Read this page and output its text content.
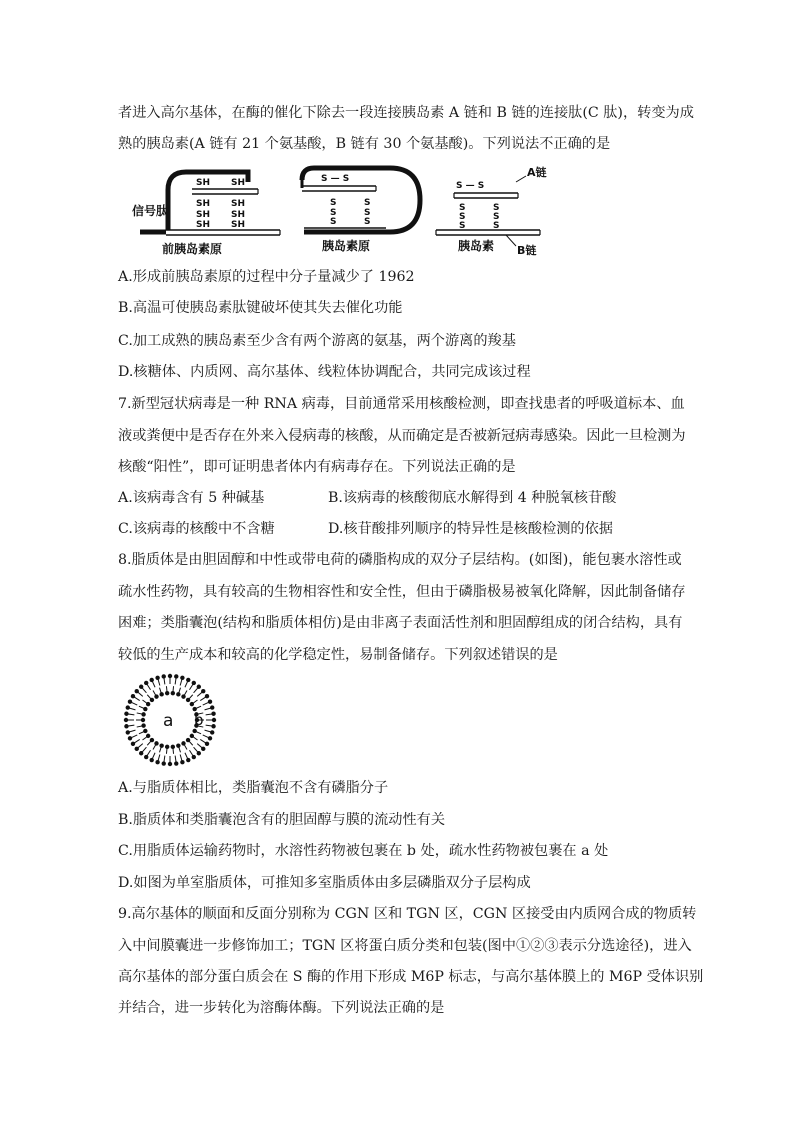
者进入高尔基体，在酶的催化下除去一段连接胰岛素 A 链和 B 链的连接肽(C 肽)，转变为成
熟的胰岛素(A 链有 21 个氨基酸，B 链有 30 个氨基酸)。下列说法不正确的是
SH SH
SH SH
SH SH
SH SH
信号肽
前胰岛素原
S — S
S
S
S
S
S
S
胰岛素原
S — S
S
S
S
S
S
S
A链
B链
胰岛素
A.形成前胰岛素原的过程中分子量减少了 1962
B.高温可使胰岛素肽键破坏使其失去催化功能
C.加工成熟的胰岛素至少含有两个游离的氨基，两个游离的羧基
D.核糖体、内质网、高尔基体、线粒体协调配合，共同完成该过程
7.新型冠状病毒是一种 RNA 病毒，目前通常采用核酸检测，即查找患者的呼吸道标本、血
液或粪便中是否存在外来入侵病毒的核酸，从而确定是否被新冠病毒感染。因此一旦检测为
核酸“阳性”，即可证明患者体内有病毒存在。下列说法正确的是
A.该病毒含有 5 种碱基	B.该病毒的核酸彻底水解得到 4 种脱氧核苷酸
C.该病毒的核酸中不含糖	D.核苷酸排列顺序的特异性是核酸检测的依据
8.脂质体是由胆固醇和中性或带电荷的磷脂构成的双分子层结构。(如图)，能包裹水溶性或
疏水性药物，具有较高的生物相容性和安全性，但由于磷脂极易被氧化降解，因此制备储存
困难；类脂囊泡(结构和脂质体相仿)是由非离子表面活性剂和胆固醇组成的闭合结构，具有
较低的生产成本和较高的化学稳定性，易制备储存。下列叙述错误的是
a b
A.与脂质体相比，类脂囊泡不含有磷脂分子
B.脂质体和类脂囊泡含有的胆固醇与膜的流动性有关
C.用脂质体运输药物时，水溶性药物被包裹在 b 处，疏水性药物被包裹在 a 处
D.如图为单室脂质体，可推知多室脂质体由多层磷脂双分子层构成
9.高尔基体的顺面和反面分别称为 CGN 区和 TGN 区，CGN 区接受由内质网合成的物质转
入中间膜囊进一步修饰加工；TGN 区将蛋白质分类和包装(图中①②③表示分选途径)，进入
高尔基体的部分蛋白质会在 S 酶的作用下形成 M6P 标志，与高尔基体膜上的 M6P 受体识别
并结合，进一步转化为溶酶体酶。下列说法正确的是
